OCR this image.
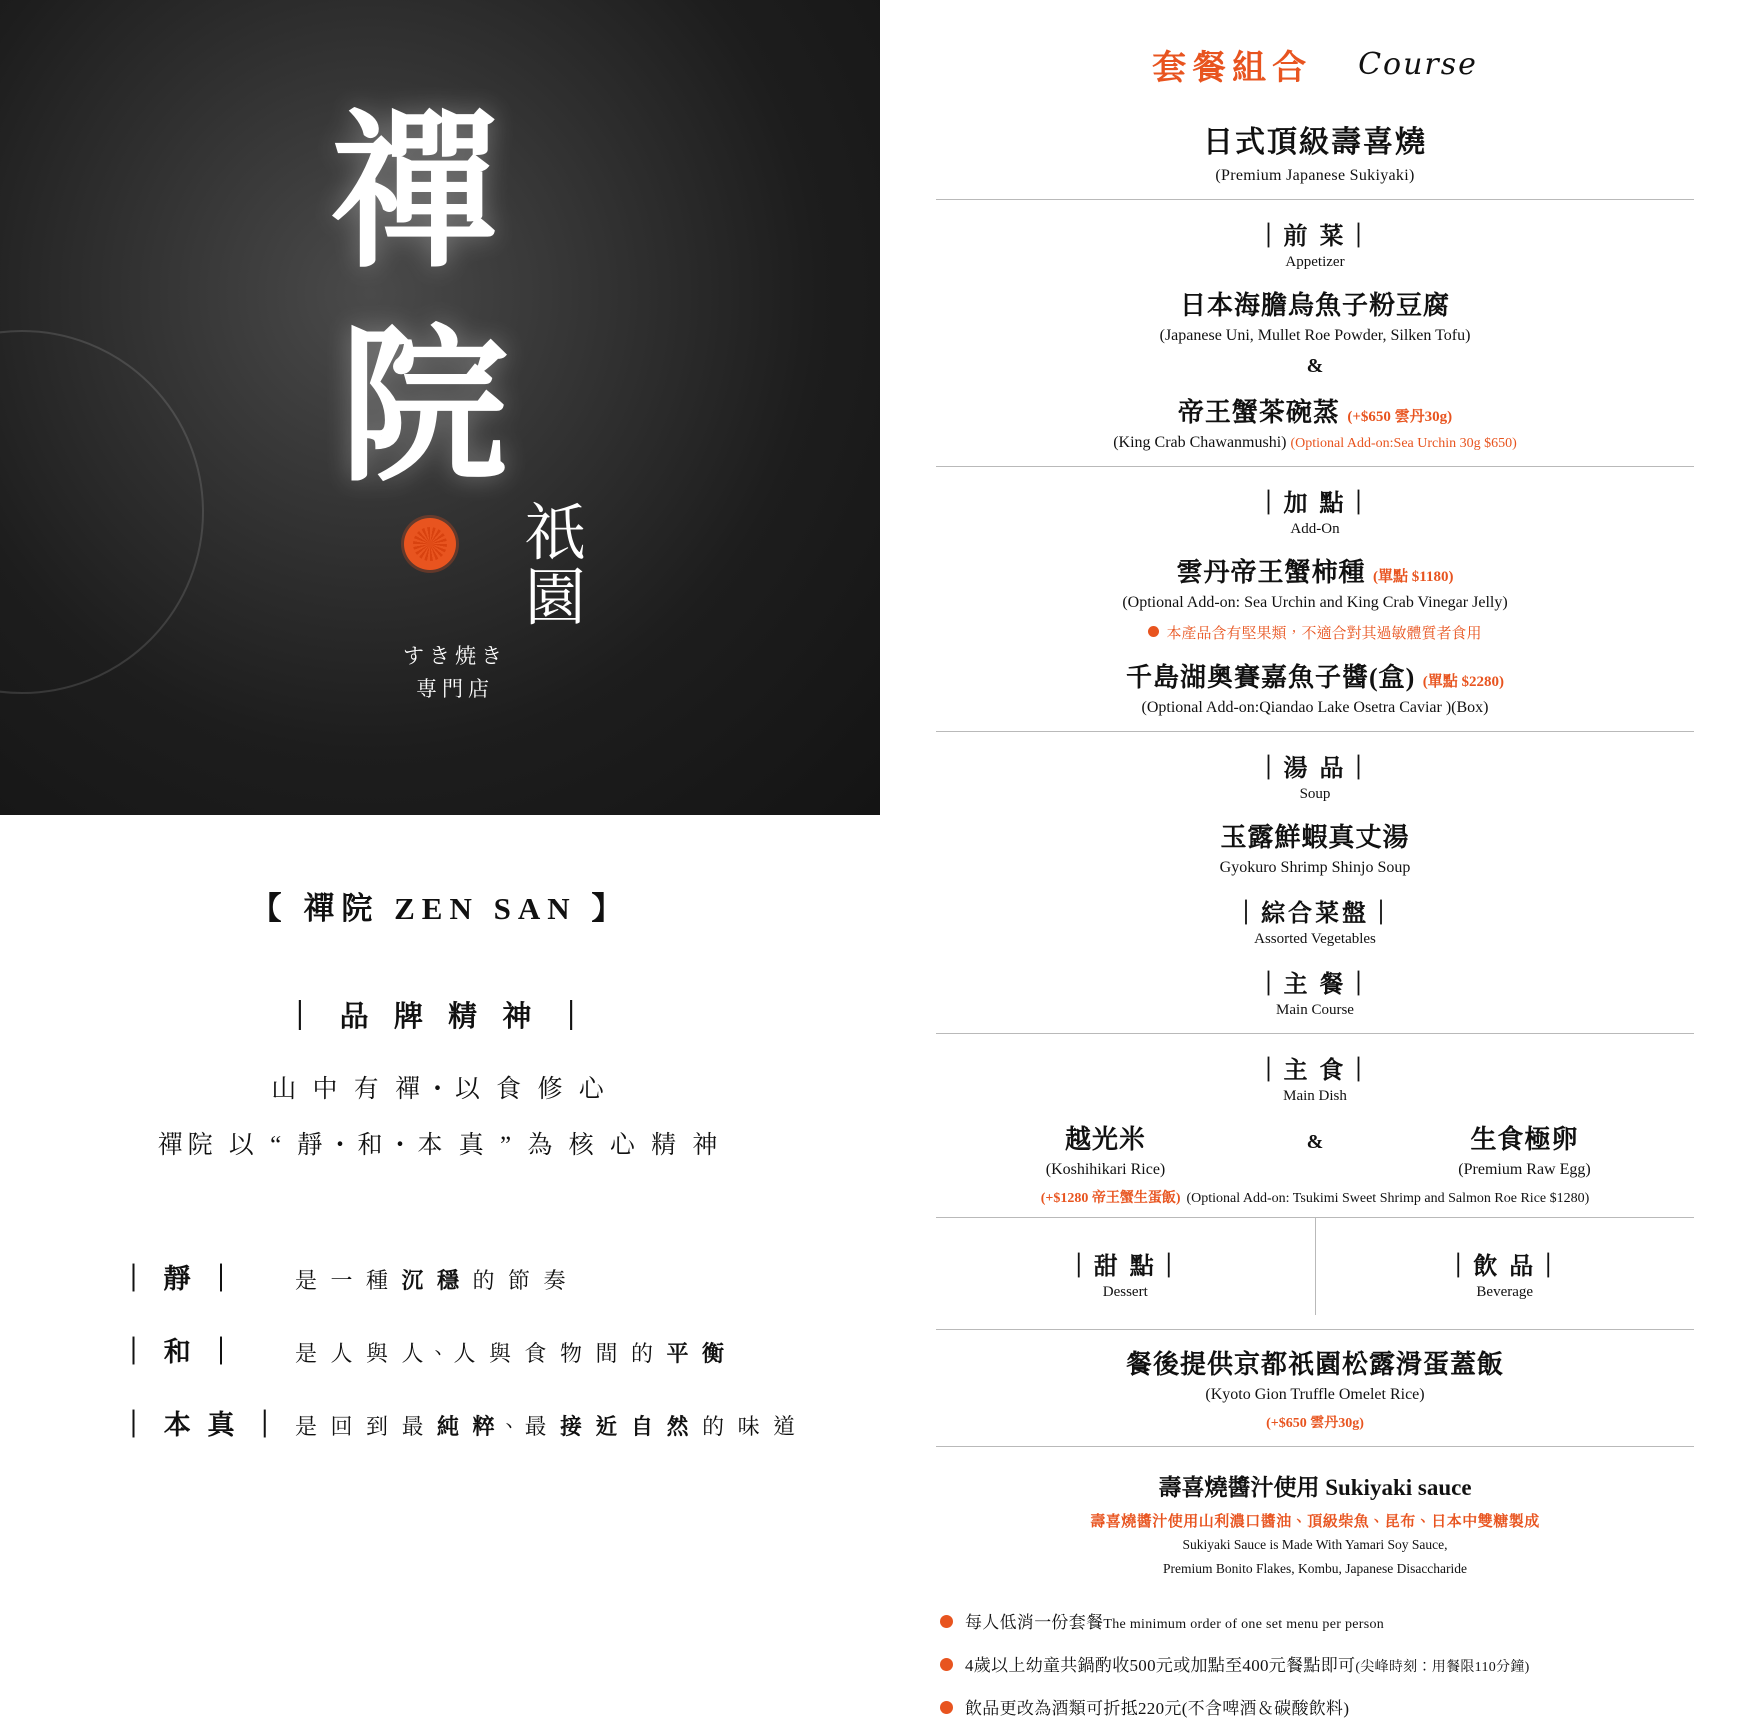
禪
院
祇
園
すき焼き
専門店
【 禪院 ZEN SAN 】
｜ 品 牌 精 神 ｜
山 中 有 禪・以 食 修 心
禪院 以 “ 靜・和・本 真 ” 為 核 心 精 神
｜ 靜 ｜	是 一 種 沉 穩 的 節 奏
｜ 和 ｜	是 人 與 人、人 與 食 物 間 的 平 衡
｜ 本 真 ｜ 是 回 到 最 純 粹、最 接 近 自 然 的 味 道
套餐組合 Course
日式頂級壽喜燒
(Premium Japanese Sukiyaki)
｜前 菜｜
Appetizer
日本海膽烏魚子粉豆腐
(Japanese Uni, Mullet Roe Powder, Silken Tofu)
&
帝王蟹茶碗蒸 (+$650 雲丹30g)
(King Crab Chawanmushi) (Optional Add-on:Sea Urchin 30g $650)
｜加 點｜
Add-On
雲丹帝王蟹柿種 (單點 $1180)
(Optional Add-on: Sea Urchin and King Crab Vinegar Jelly)
本產品含有堅果類，不適合對其過敏體質者食用
千島湖奧賽嘉魚子醬(盒) (單點 $2280)
(Optional Add-on:Qiandao Lake Osetra Caviar )(Box)
｜湯 品｜
Soup
玉露鮮蝦真丈湯
Gyokuro Shrimp Shinjo Soup
｜綜合菜盤｜
Assorted Vegetables
｜主 餐｜
Main Course
｜主 食｜
Main Dish
越光米
(Koshihikari Rice)
&	生食極卵
(Premium Raw Egg)
(+$1280 帝王蟹生蛋飯) (Optional Add-on: Tsukimi Sweet Shrimp and Salmon Roe Rice $1280)
｜甜 點｜
Dessert
｜飲 品｜
Beverage
餐後提供京都祇園松露滑蛋蓋飯
(Kyoto Gion Truffle Omelet Rice)
(+$650 雲丹30g)
壽喜燒醬汁使用 Sukiyaki sauce
壽喜燒醬汁使用山利濃口醬油、頂級柴魚、昆布、日本中雙糖製成
Sukiyaki Sauce is Made With Yamari Soy Sauce,
Premium Bonito Flakes, Kombu, Japanese Disaccharide
每人低消一份套餐 The minimum order of one set menu per person
4歲以上幼童共鍋酌收500元或加點至400元餐點即可 (尖峰時刻：用餐限110分鐘)
飲品更改為酒類可折抵220元(不含啤酒＆碳酸飲料)
